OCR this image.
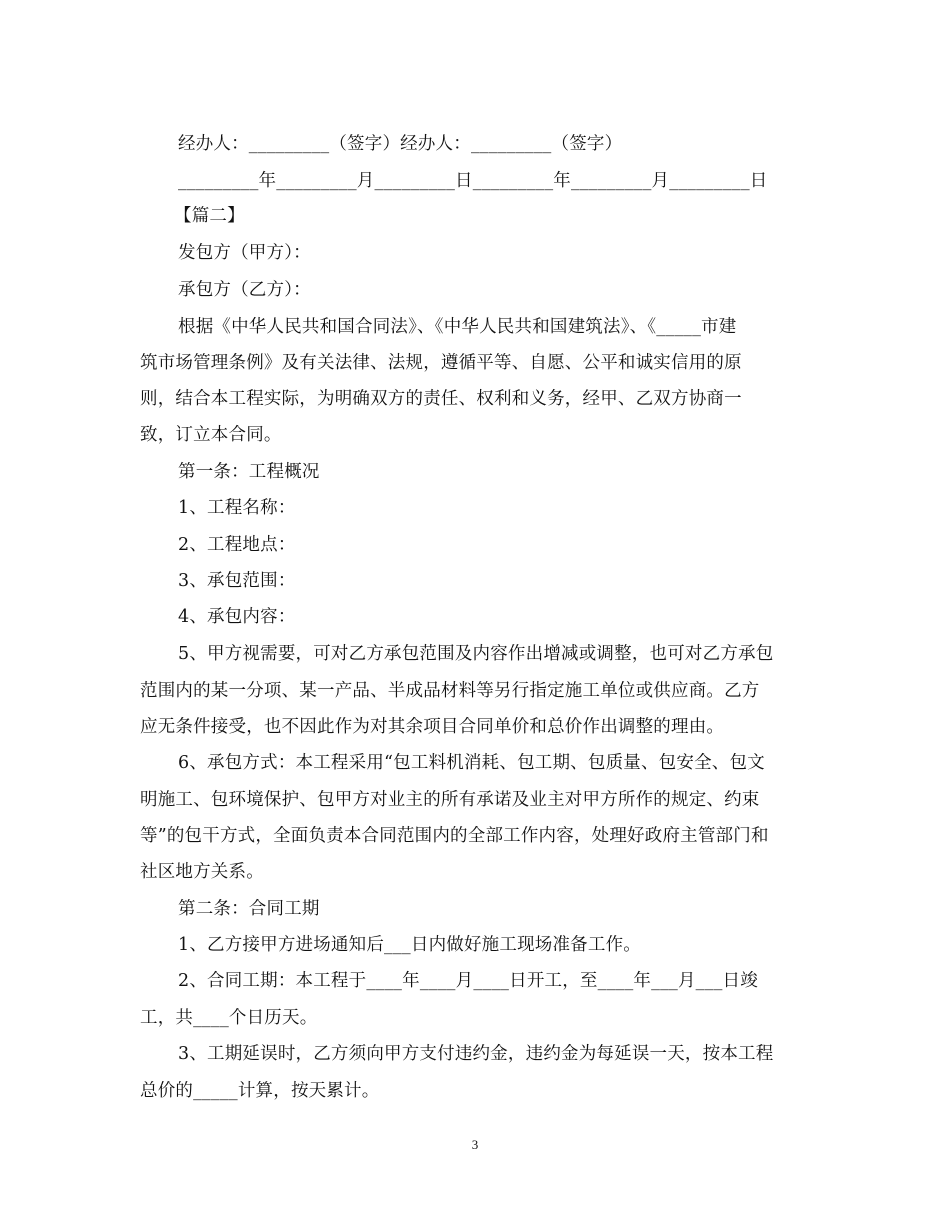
经办人：_________（签字）经办人：_________（签字）
_________年_________月_________日_________年_________月_________日
【篇二】
发包方（甲方）：
承包方（乙方）：
根据《中华人民共和国合同法》、《中华人民共和国建筑法》、《_____市建
筑市场管理条例》及有关法律、法规，遵循平等、自愿、公平和诚实信用的原
则，结合本工程实际，为明确双方的责任、权利和义务，经甲、乙双方协商一
致，订立本合同。
第一条：工程概况
1、工程名称：
2、工程地点：
3、承包范围：
4、承包内容：
5、甲方视需要，可对乙方承包范围及内容作出增减或调整，也可对乙方承包
范围内的某一分项、某一产品、半成品材料等另行指定施工单位或供应商。乙方
应无条件接受，也不因此作为对其余项目合同单价和总价作出调整的理由。
6、承包方式：本工程采用“包工料机消耗、包工期、包质量、包安全、包文
明施工、包环境保护、包甲方对业主的所有承诺及业主对甲方所作的规定、约束
等”的包干方式，全面负责本合同范围内的全部工作内容，处理好政府主管部门和
社区地方关系。
第二条：合同工期
1、乙方接甲方进场通知后___日内做好施工现场准备工作。
2、合同工期：本工程于____年____月____日开工，至____年___月___日竣
工，共____个日历天。
3、工期延误时，乙方须向甲方支付违约金，违约金为每延误一天，按本工程
总价的_____计算，按天累计。
3
